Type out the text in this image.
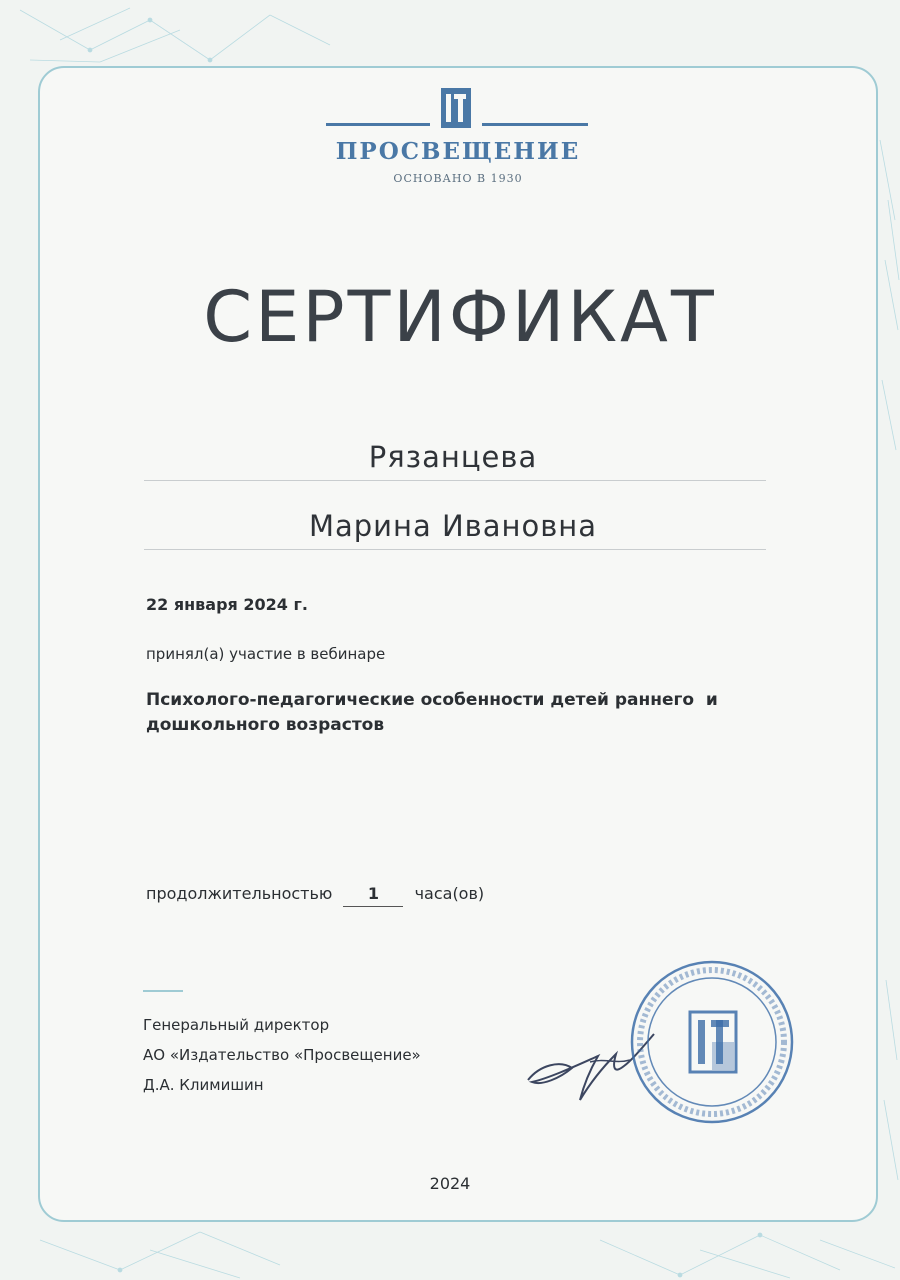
ПРОСВЕЩЕНИЕ
ОСНОВАНО В 1930
СЕРТИФИКАТ
Рязанцева
Марина Ивановна
22 января 2024 г.
принял(а) участие в вебинаре
Психолого-педагогические особенности детей раннего  и
дошкольного возрастов
продолжительностью 1 часа(ов)
Генеральный директор
АО «Издательство «Просвещение»
Д.А. Климишин
2024
